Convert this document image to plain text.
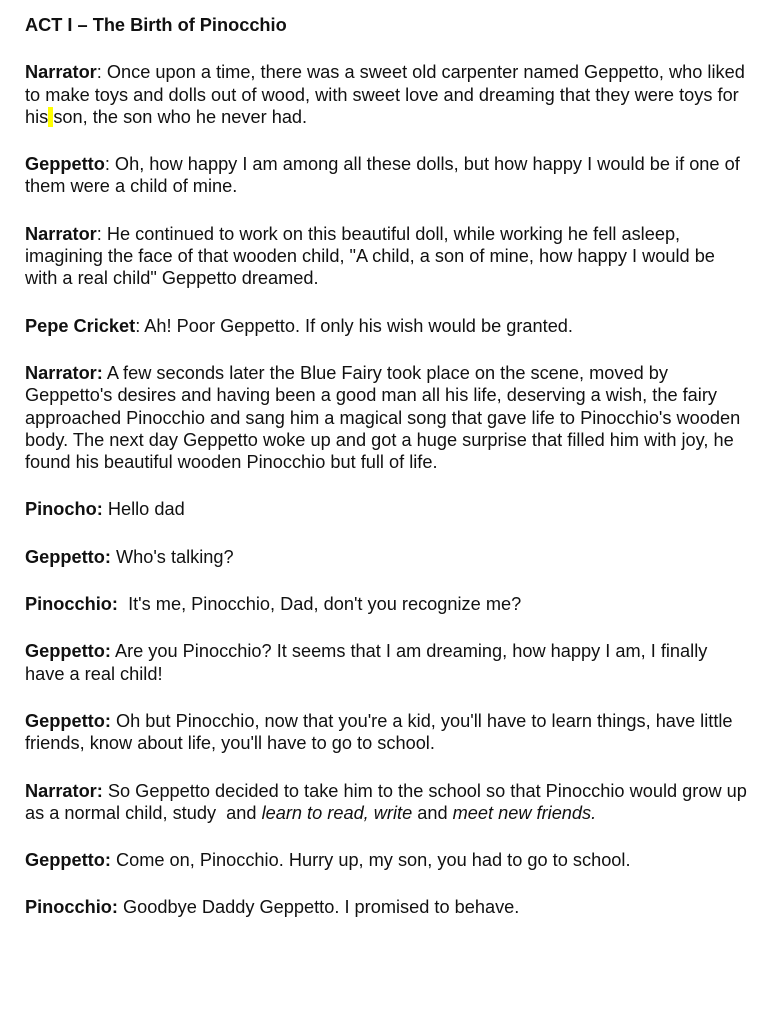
ACT I – The Birth of Pinocchio
Narrator: Once upon a time, there was a sweet old carpenter named Geppetto, who liked to make toys and dolls out of wood, with sweet love and dreaming that they were toys for his son, the son who he never had.
Geppetto: Oh, how happy I am among all these dolls, but how happy I would be if one of them were a child of mine.
Narrator: He continued to work on this beautiful doll, while working he fell asleep, imagining the face of that wooden child, "A child, a son of mine, how happy I would be with a real child" Geppetto dreamed.
Pepe Cricket: Ah! Poor Geppetto. If only his wish would be granted.
Narrator: A few seconds later the Blue Fairy took place on the scene, moved by Geppetto's desires and having been a good man all his life, deserving a wish, the fairy approached Pinocchio and sang him a magical song that gave life to Pinocchio's wooden body. The next day Geppetto woke up and got a huge surprise that filled him with joy, he found his beautiful wooden Pinocchio but full of life.
Pinocho: Hello dad
Geppetto: Who's talking?
Pinocchio:  It's me, Pinocchio, Dad, don't you recognize me?
Geppetto: Are you Pinocchio? It seems that I am dreaming, how happy I am, I finally have a real child!
Geppetto: Oh but Pinocchio, now that you're a kid, you'll have to learn things, have little friends, know about life, you'll have to go to school.
Narrator: So Geppetto decided to take him to the school so that Pinocchio would grow up as a normal child, study  and learn to read, write and meet new friends.
Geppetto: Come on, Pinocchio. Hurry up, my son, you had to go to school.
Pinocchio: Goodbye Daddy Geppetto. I promised to behave.
